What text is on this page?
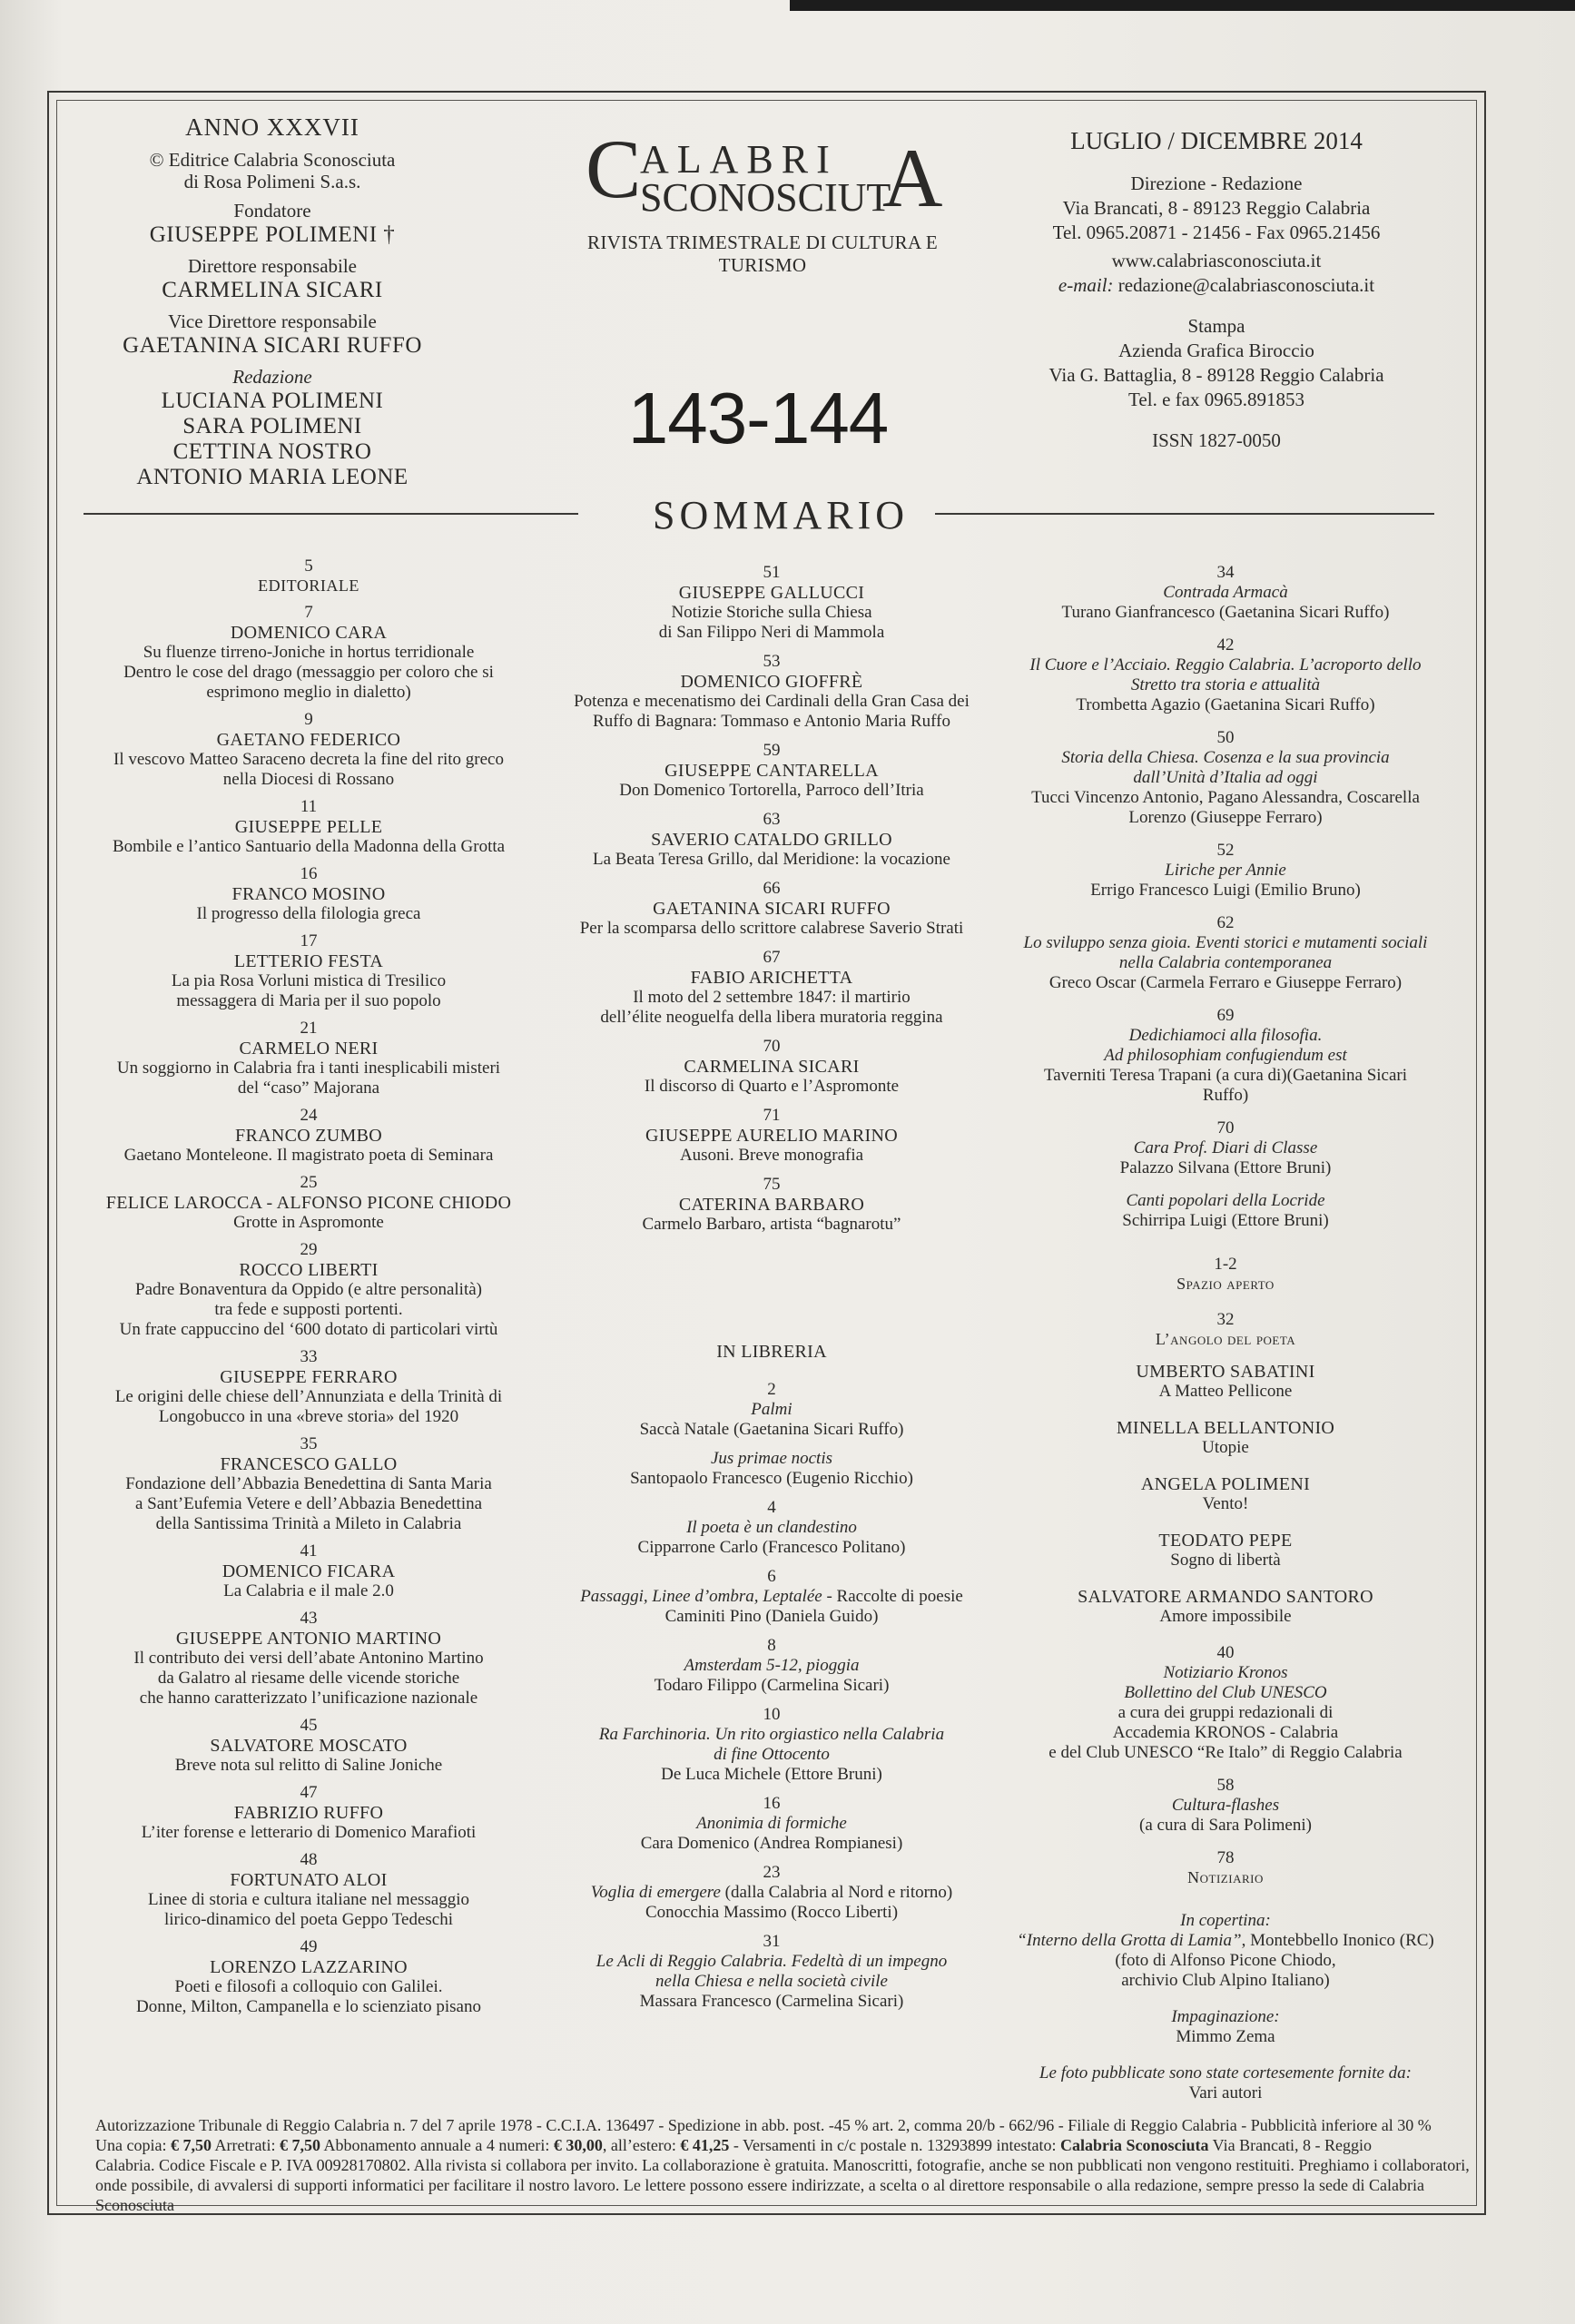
ANNO XXXVII
© Editrice Calabria Sconosciuta
di Rosa Polimeni S.a.s.
Fondatore
GIUSEPPE POLIMENI †
Direttore responsabile
CARMELINA SICARI
Vice Direttore responsabile
GAETANINA SICARI RUFFO
Redazione
LUCIANA POLIMENI
SARA POLIMENI
CETTINA NOSTRO
ANTONIO MARIA LEONE
C
ALABRI
SCONOSCIUT
A
RIVISTA TRIMESTRALE DI CULTURA E TURISMO
143-144
LUGLIO / DICEMBRE 2014
Direzione - Redazione
Via Brancati, 8 - 89123 Reggio Calabria
Tel. 0965.20871 - 21456 - Fax 0965.21456
www.calabriasconosciuta.it
e-mail: redazione@calabriasconosciuta.it
Stampa
Azienda Grafica Biroccio
Via G. Battaglia, 8 - 89128 Reggio Calabria
Tel. e fax 0965.891853
ISSN 1827-0050
SOMMARIO
5
EDITORIALE
7
DOMENICO CARA
Su fluenze tirreno-Joniche in hortus terridionale
Dentro le cose del drago (messaggio per coloro che si
esprimono meglio in dialetto)
9
GAETANO FEDERICO
Il vescovo Matteo Saraceno decreta la fine del rito greco
nella Diocesi di Rossano
11
GIUSEPPE PELLE
Bombile e l’antico Santuario della Madonna della Grotta
16
FRANCO MOSINO
Il progresso della filologia greca
17
LETTERIO FESTA
La pia Rosa Vorluni mistica di Tresilico
messaggera di Maria per il suo popolo
21
CARMELO NERI
Un soggiorno in Calabria fra i tanti inesplicabili misteri
del “caso” Majorana
24
FRANCO ZUMBO
Gaetano Monteleone. Il magistrato poeta di Seminara
25
FELICE LAROCCA - ALFONSO PICONE CHIODO
Grotte in Aspromonte
29
ROCCO LIBERTI
Padre Bonaventura da Oppido (e altre personalità)
tra fede e supposti portenti.
Un frate cappuccino del ‘600 dotato di particolari virtù
33
GIUSEPPE FERRARO
Le origini delle chiese dell’Annunziata e della Trinità di
Longobucco in una «breve storia» del 1920
35
FRANCESCO GALLO
Fondazione dell’Abbazia Benedettina di Santa Maria
a Sant’Eufemia Vetere e dell’Abbazia Benedettina
della Santissima Trinità a Mileto in Calabria
41
DOMENICO FICARA
La Calabria e il male 2.0
43
GIUSEPPE ANTONIO MARTINO
Il contributo dei versi dell’abate Antonino Martino
da Galatro al riesame delle vicende storiche
che hanno caratterizzato l’unificazione nazionale
45
SALVATORE MOSCATO
Breve nota sul relitto di Saline Joniche
47
FABRIZIO RUFFO
L’iter forense e letterario di Domenico Marafioti
48
FORTUNATO ALOI
Linee di storia e cultura italiane nel messaggio
lirico-dinamico del poeta Geppo Tedeschi
49
LORENZO LAZZARINO
Poeti e filosofi a colloquio con Galilei.
Donne, Milton, Campanella e lo scienziato pisano
51
GIUSEPPE GALLUCCI
Notizie Storiche sulla Chiesa
di San Filippo Neri di Mammola
53
DOMENICO GIOFFRÈ
Potenza e mecenatismo dei Cardinali della Gran Casa dei
Ruffo di Bagnara: Tommaso e Antonio Maria Ruffo
59
GIUSEPPE CANTARELLA
Don Domenico Tortorella, Parroco dell’Itria
63
SAVERIO CATALDO GRILLO
La Beata Teresa Grillo, dal Meridione: la vocazione
66
GAETANINA SICARI RUFFO
Per la scomparsa dello scrittore calabrese Saverio Strati
67
FABIO ARICHETTA
Il moto del 2 settembre 1847: il martirio
dell’élite neoguelfa della libera muratoria reggina
70
CARMELINA SICARI
Il discorso di Quarto e l’Aspromonte
71
GIUSEPPE AURELIO MARINO
Ausoni. Breve monografia
75
CATERINA BARBARO
Carmelo Barbaro, artista “bagnarotu”
IN LIBRERIA
2
Palmi
Saccà Natale (Gaetanina Sicari Ruffo)
Jus primae noctis
Santopaolo Francesco (Eugenio Ricchio)
4
Il poeta è un clandestino
Cipparrone Carlo (Francesco Politano)
6
Passaggi, Linee d’ombra, Leptalée - Raccolte di poesie
Caminiti Pino (Daniela Guido)
8
Amsterdam 5-12, pioggia
Todaro Filippo (Carmelina Sicari)
10
Ra Farchinoria. Un rito orgiastico nella Calabria
di fine Ottocento
De Luca Michele (Ettore Bruni)
16
Anonimia di formiche
Cara Domenico (Andrea Rompianesi)
23
Voglia di emergere (dalla Calabria al Nord e ritorno)
Conocchia Massimo (Rocco Liberti)
31
Le Acli di Reggio Calabria. Fedeltà di un impegno
nella Chiesa e nella società civile
Massara Francesco (Carmelina Sicari)
34
Contrada Armacà
Turano Gianfrancesco (Gaetanina Sicari Ruffo)
42
Il Cuore e l’Acciaio. Reggio Calabria. L’acroporto dello
Stretto tra storia e attualità
Trombetta Agazio (Gaetanina Sicari Ruffo)
50
Storia della Chiesa. Cosenza e la sua provincia
dall’Unità d’Italia ad oggi
Tucci Vincenzo Antonio, Pagano Alessandra, Coscarella
Lorenzo (Giuseppe Ferraro)
52
Liriche per Annie
Errigo Francesco Luigi (Emilio Bruno)
62
Lo sviluppo senza gioia. Eventi storici e mutamenti sociali
nella Calabria contemporanea
Greco Oscar (Carmela Ferraro e Giuseppe Ferraro)
69
Dedichiamoci alla filosofia.
Ad philosophiam confugiendum est
Taverniti Teresa Trapani (a cura di)(Gaetanina Sicari
Ruffo)
70
Cara Prof. Diari di Classe
Palazzo Silvana (Ettore Bruni)
Canti popolari della Locride
Schirripa Luigi (Ettore Bruni)
1-2
Spazio aperto
32
L’angolo del poeta
UMBERTO SABATINI
A Matteo Pellicone
MINELLA BELLANTONIO
Utopie
ANGELA POLIMENI
Vento!
TEODATO PEPE
Sogno di libertà
SALVATORE ARMANDO SANTORO
Amore impossibile
40
Notiziario Kronos
Bollettino del Club UNESCO
a cura dei gruppi redazionali di
Accademia KRONOS - Calabria
e del Club UNESCO “Re Italo” di Reggio Calabria
58
Cultura-flashes
(a cura di Sara Polimeni)
78
Notiziario
In copertina:
“Interno della Grotta di Lamia”, Montebbello Inonico (RC)
(foto di Alfonso Picone Chiodo,
archivio Club Alpino Italiano)
Impaginazione:
Mimmo Zema
Le foto pubblicate sono state cortesemente fornite da:
Vari autori
Autorizzazione Tribunale di Reggio Calabria n. 7 del 7 aprile 1978 - C.C.I.A. 136497 - Spedizione in abb. post. -45 % art. 2, comma 20/b - 662/96 - Filiale di Reggio Calabria - Pubblicità inferiore al 30 %
Una copia: € 7,50 Arretrati: € 7,50 Abbonamento annuale a 4 numeri: € 30,00, all’estero: € 41,25 - Versamenti in c/c postale n. 13293899 intestato: Calabria Sconosciuta Via Brancati, 8 - Reggio
Calabria. Codice Fiscale e P. IVA 00928170802. Alla rivista si collabora per invito. La collaborazione è gratuita. Manoscritti, fotografie, anche se non pubblicati non vengono restituiti. Preghiamo i collaboratori,
onde possibile, di avvalersi di supporti informatici per facilitare il nostro lavoro. Le lettere possono essere indirizzate, a scelta o al direttore responsabile o alla redazione, sempre presso la sede di Calabria Sconosciuta
